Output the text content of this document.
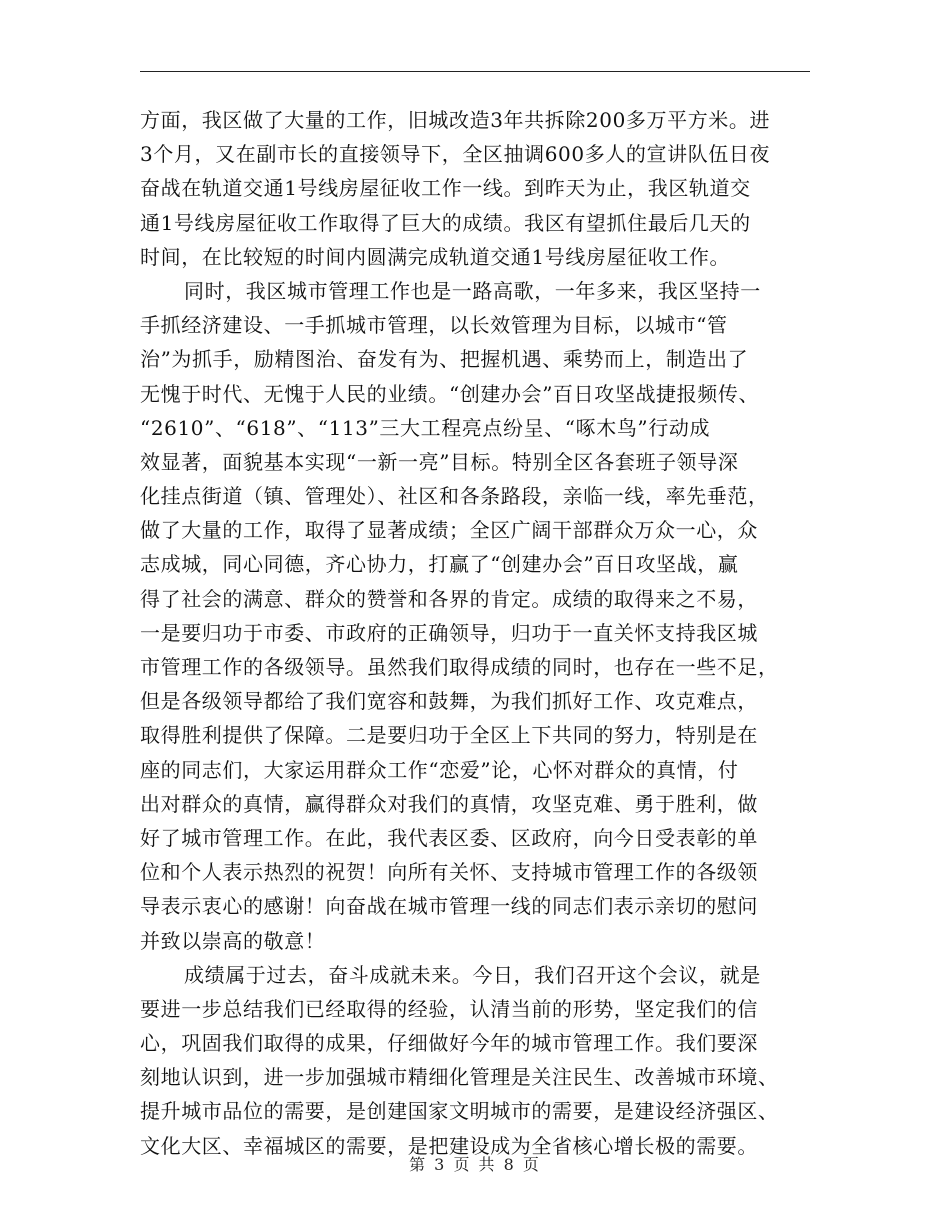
方面，我区做了大量的工作，旧城改造3年共拆除200多万平方米。进
3个月，又在副市长的直接领导下，全区抽调600多人的宣讲队伍日夜
奋战在轨道交通1号线房屋征收工作一线。到昨天为止，我区轨道交
通1号线房屋征收工作取得了巨大的成绩。我区有望抓住最后几天的
时间，在比较短的时间内圆满完成轨道交通1号线房屋征收工作。
同时，我区城市管理工作也是一路高歌，一年多来，我区坚持一
手抓经济建设、一手抓城市管理，以长效管理为目标，以城市“管
治”为抓手，励精图治、奋发有为、把握机遇、乘势而上，制造出了
无愧于时代、无愧于人民的业绩。“创建办会”百日攻坚战捷报频传、
“2610”、“618”、“113”三大工程亮点纷呈、“啄木鸟”行动成
效显著，面貌基本实现“一新一亮”目标。特别全区各套班子领导深
化挂点街道（镇、管理处）、社区和各条路段，亲临一线，率先垂范，
做了大量的工作，取得了显著成绩；全区广阔干部群众万众一心，众
志成城，同心同德，齐心协力，打赢了“创建办会”百日攻坚战，赢
得了社会的满意、群众的赞誉和各界的肯定。成绩的取得来之不易，
一是要归功于市委、市政府的正确领导，归功于一直关怀支持我区城
市管理工作的各级领导。虽然我们取得成绩的同时，也存在一些不足，
但是各级领导都给了我们宽容和鼓舞，为我们抓好工作、攻克难点，
取得胜利提供了保障。二是要归功于全区上下共同的努力，特别是在
座的同志们，大家运用群众工作“恋爱”论，心怀对群众的真情，付
出对群众的真情，赢得群众对我们的真情，攻坚克难、勇于胜利，做
好了城市管理工作。在此，我代表区委、区政府，向今日受表彰的单
位和个人表示热烈的祝贺！向所有关怀、支持城市管理工作的各级领
导表示衷心的感谢！向奋战在城市管理一线的同志们表示亲切的慰问
并致以崇高的敬意！
成绩属于过去，奋斗成就未来。今日，我们召开这个会议，就是
要进一步总结我们已经取得的经验，认清当前的形势，坚定我们的信
心，巩固我们取得的成果，仔细做好今年的城市管理工作。我们要深
刻地认识到，进一步加强城市精细化管理是关注民生、改善城市环境、
提升城市品位的需要，是创建国家文明城市的需要，是建设经济强区、
文化大区、幸福城区的需要，是把建设成为全省核心增长极的需要。
第 3 页 共 8 页
